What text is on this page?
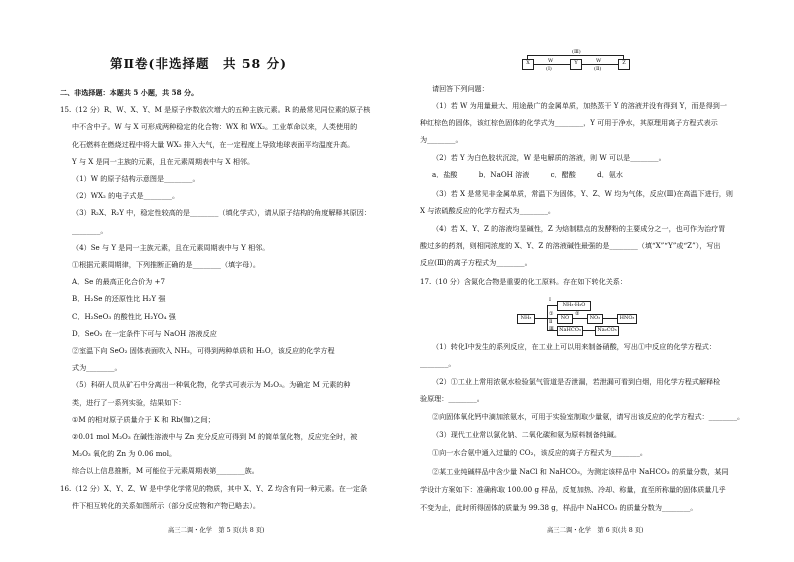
第Ⅱ卷(非选择题　共 58 分)
二、非选择题：本题共 5 小题，共 58 分。
15.（12 分）R、W、X、Y、M 是原子序数依次增大的五种主族元素。R 的最常见同位素的原子核
中不含中子。W 与 X 可形成两种稳定的化合物：WX 和 WX₂。工业革命以来，人类使用的
化石燃料在燃烧过程中将大量 WX₂ 排入大气，在一定程度上导致地球表面平均温度升高。
Y 与 X 是同一主族的元素，且在元素周期表中与 X 相邻。
（1）W 的原子结构示意图是________。
（2）WX₂ 的电子式是________。
（3）R₂X、R₂Y 中，稳定性较高的是________（填化学式），请从原子结构的角度解释其原因：
________。
（4）Se 与 Y 是同一主族元素，且在元素周期表中与 Y 相邻。
①根据元素周期律，下列推断正确的是________（填字母）。
A．Se 的最高正化合价为 +7
B．H₂Se 的还原性比 H₂Y 强
C．H₂SeO₃ 的酸性比 H₂YO₄ 强
D．SeO₂ 在一定条件下可与 NaOH 溶液反应
②室温下向 SeO₂ 固体表面吹入 NH₃，可得到两种单质和 H₂O，该反应的化学方程
式为________。
（5）科研人员从矿石中分离出一种氧化物，化学式可表示为 M₂O₃。为确定 M 元素的种
类，进行了一系列实验，结果如下：
①M 的相对原子质量介于 K 和 Rb(铷)之间；
②0.01 mol M₂O₃ 在碱性溶液中与 Zn 充分反应可得到 M 的简单氢化物，反应完全时，被
M₂O₃ 氧化的 Zn 为 0.06 mol。
综合以上信息推断，M 可能位于元素周期表第________族。
16.（12 分）X、Y、Z、W 是中学化学常见的物质，其中 X、Y、Z 均含有同一种元素。在一定条
件下相互转化的关系如图所示（部分反应物和产物已略去）。
高三二调・化学　第 5 页(共 8 页)
X	Y	Z
W
(Ⅰ)
W
(Ⅱ)
(Ⅲ)
请回答下列问题：
（1）若 W 为用量最大、用途最广的金属单质，加热蒸干 Y 的溶液并没有得到 Y，而是得到一
种红棕色的固体，该红棕色固体的化学式为________，Y 可用于净水，其原理用离子方程式表示
为________。
（2）若 Y 为白色胶状沉淀，W 是电解质的溶液，则 W 可以是________。
a．盐酸　　　b．NaOH 溶液　　　c．醋酸　　　d．氨水
（3）若 X 是常见非金属单质，常温下为固体，Y、Z、W 均为气体，反应(Ⅲ)在高温下进行，则
X 与浓硫酸反应的化学方程式为________。
（4）若 X、Y、Z 的溶液均显碱性，Z 为焙制糕点的发酵粉的主要成分之一，也可作为治疗胃
酸过多的药剂，则相同浓度的 X、Y、Z 的溶液碱性最强的是________（填“X”“Y”或“Z”），写出
反应(Ⅲ)的离子方程式为________。
17.（10 分）含氮化合物是重要的化工原料。存在如下转化关系：
（1）转化Ⅰ中发生的系列反应，在工业上可以用来制备硝酸，写出①中反应的化学方程式：
________。
（2）①工业上常用浓氨水检验氯气管道是否泄漏，若泄漏可看到白烟，用化学方程式解释检
验原理：________。
②向固体氧化钙中滴加浓氨水，可用于实验室制取少量氨，请写出该反应的化学方程式：________。
（3）现代工业常以氯化钠、二氧化碳和氨为原料制备纯碱。
①向一水合氨中通入过量的 CO₂，该反应的离子方程式为________。
②某工业纯碱样品中含少量 NaCl 和 NaHCO₃，为测定该样品中 NaHCO₃ 的质量分数，某同
学设计方案如下：准确称取 100.00 g 样品，反复加热、冷却、称量，直至所称量的固体质量几乎
不变为止，此时所得固体的质量为 99.38 g，样品中 NaHCO₃ 的质量分数为________。
NH₃
NH₃·H₂O
NO	NO₂	HNO₃
NaHCO₃	Na₂CO₃
Ⅰ
①
Ⅱ
②
Ⅲ
高三二调・化学　第 6 页(共 8 页)
